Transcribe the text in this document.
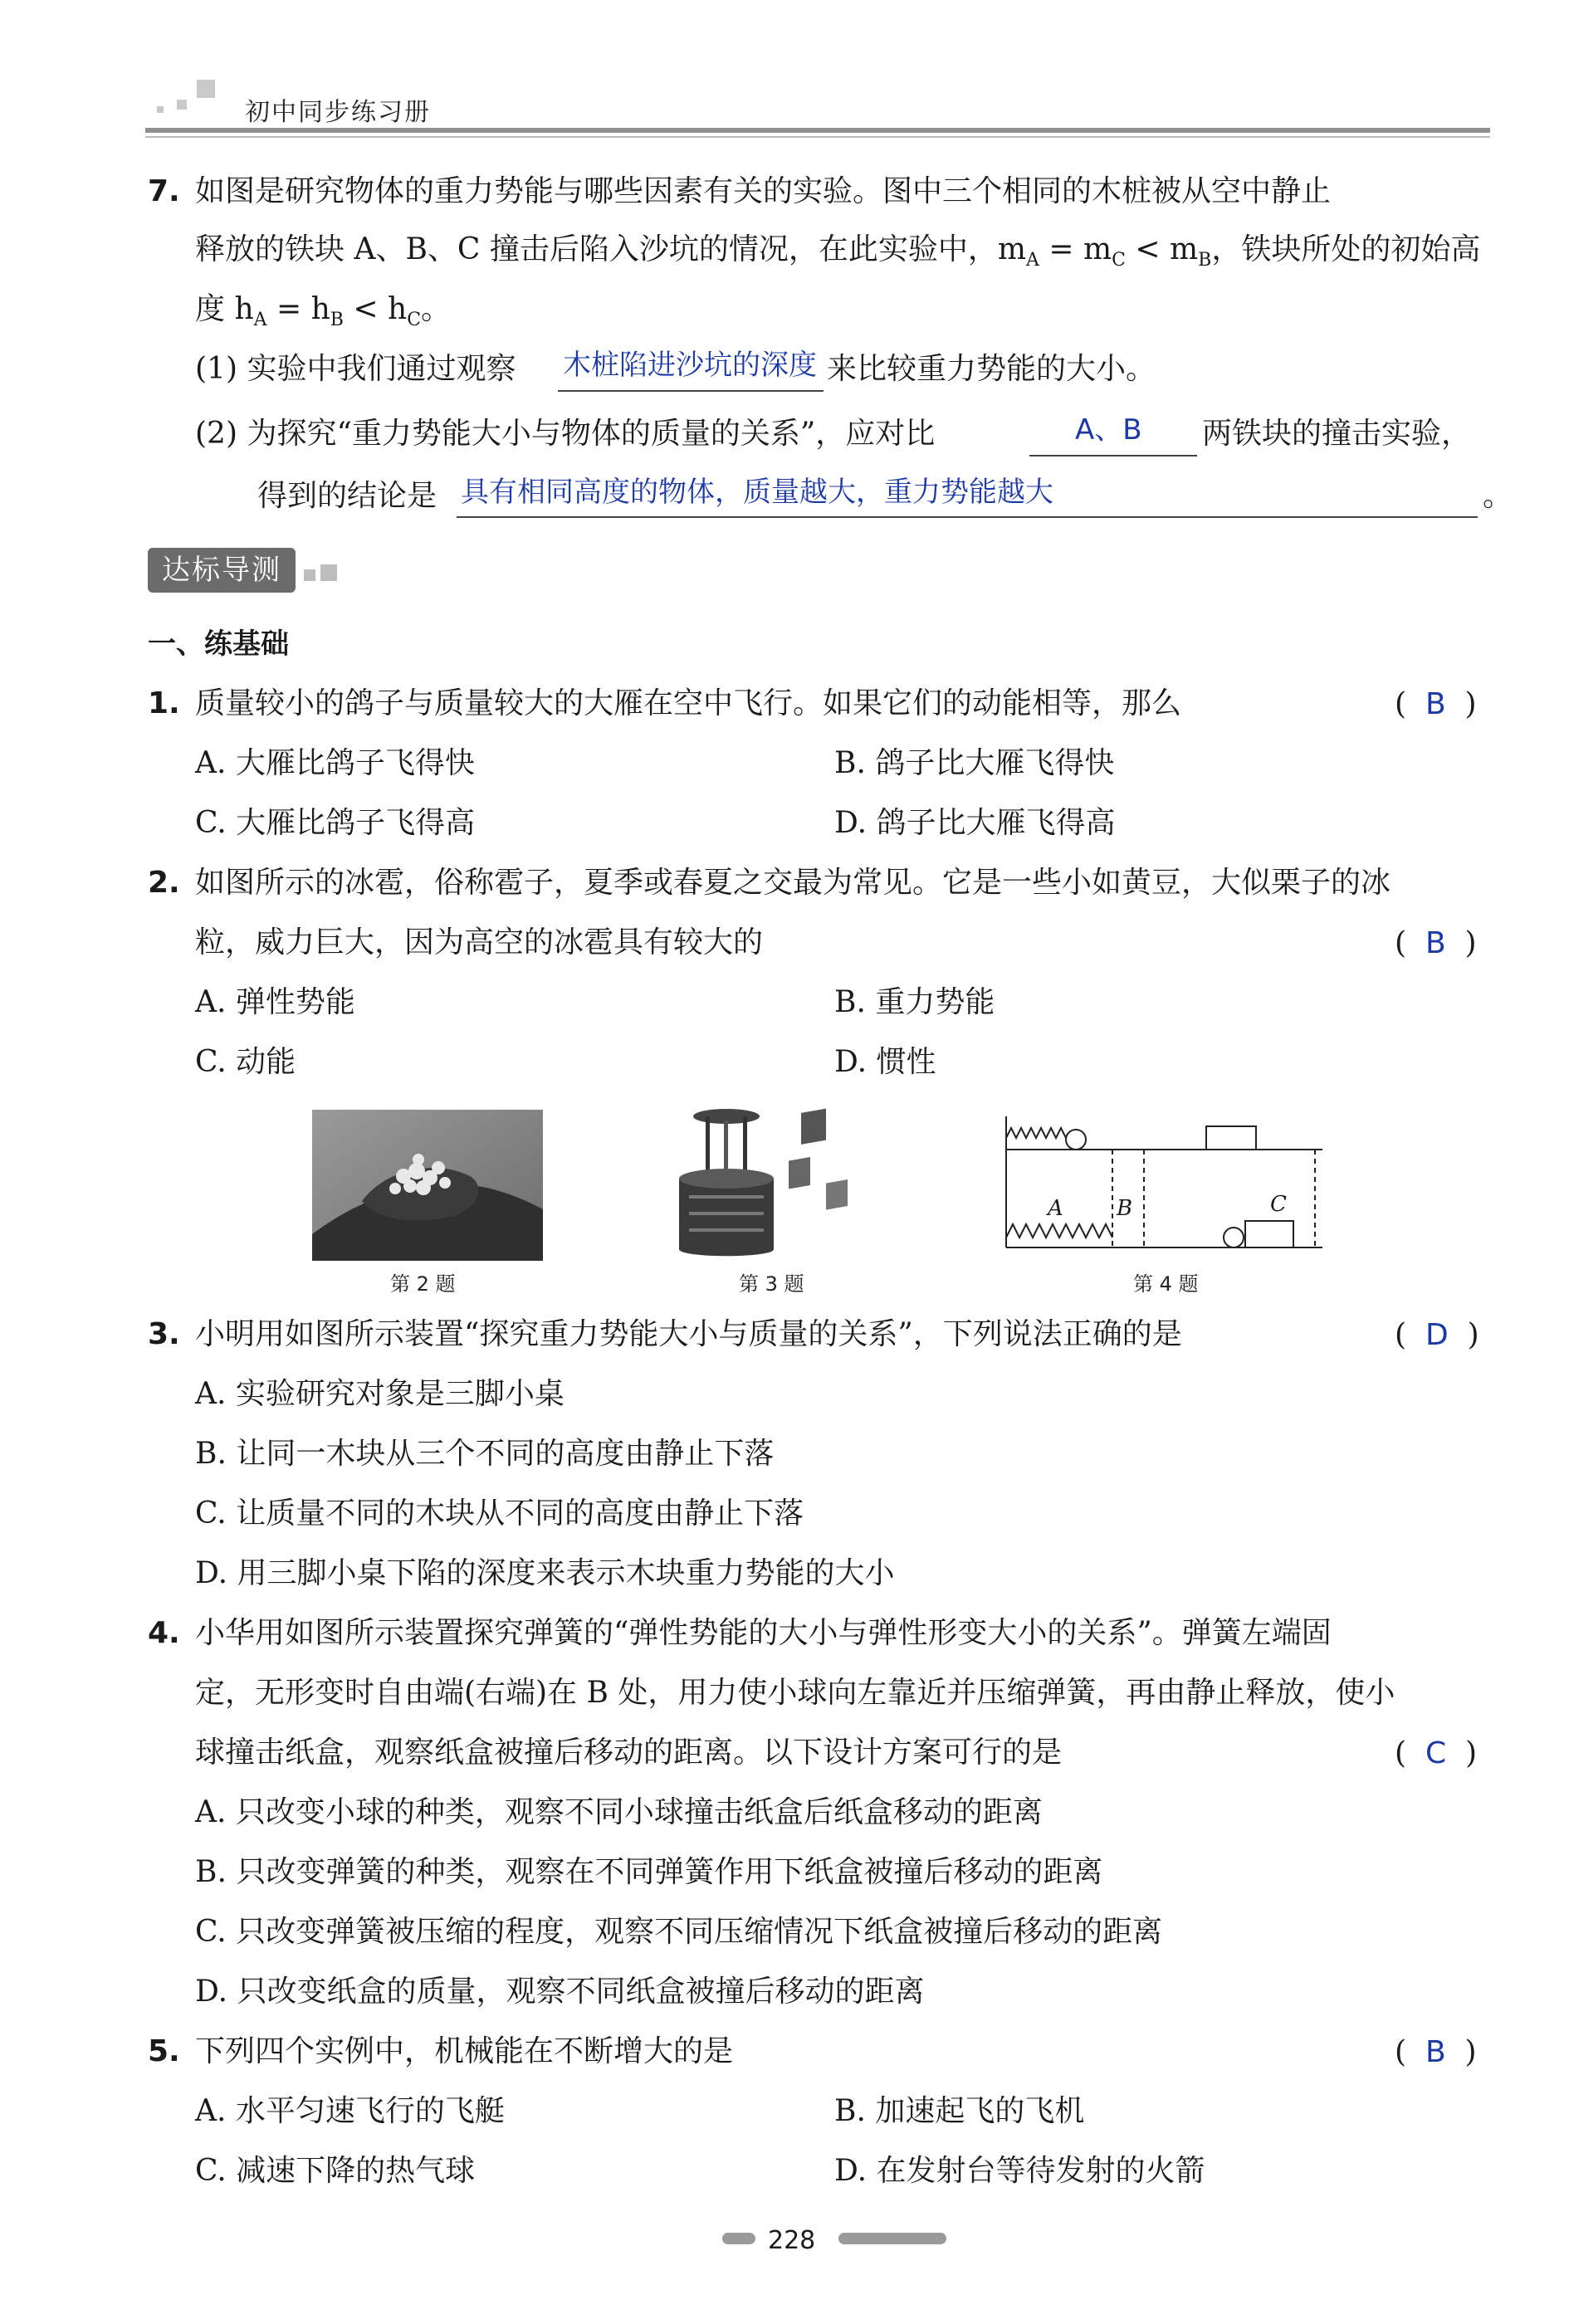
初中同步练习册
7. 如图是研究物体的重力势能与哪些因素有关的实验。图中三个相同的木桩被从空中静止
释放的铁块 A、B、C 撞击后陷入沙坑的情况，在此实验中，$m_A = m_C < m_B$，铁块所处的初始高
度 $h_A = h_B < h_C$。
(1) 实验中我们通过观察 木桩陷进沙坑的深度 来比较重力势能的大小。
(2) 为探究“重力势能大小与物体的质量的关系”，应对比	A、B 两铁块的撞击实验，
得到的结论是 具有相同高度的物体，质量越大，重力势能越大	。
达标导测
一、练基础
1. 质量较小的鸽子与质量较大的大雁在空中飞行。如果它们的动能相等，那么	( B )
A. 大雁比鸽子飞得快	B. 鸽子比大雁飞得快
C. 大雁比鸽子飞得高	D. 鸽子比大雁飞得高
2. 如图所示的冰雹，俗称雹子，夏季或春夏之交最为常见。它是一些小如黄豆，大似栗子的冰
粒，威力巨大，因为高空的冰雹具有较大的	( B )
A. 弹性势能	B. 重力势能
C. 动能	D. 惯性
第 2 题	第 3 题
A B	C
第 4 题
3. 小明用如图所示装置“探究重力势能大小与质量的关系”，下列说法正确的是	( D )
A. 实验研究对象是三脚小桌
B. 让同一木块从三个不同的高度由静止下落
C. 让质量不同的木块从不同的高度由静止下落
D. 用三脚小桌下陷的深度来表示木块重力势能的大小
4. 小华用如图所示装置探究弹簧的“弹性势能的大小与弹性形变大小的关系”。弹簧左端固
定，无形变时自由端(右端)在 B 处，用力使小球向左靠近并压缩弹簧，再由静止释放，使小
球撞击纸盒，观察纸盒被撞后移动的距离。以下设计方案可行的是	( C )
A. 只改变小球的种类，观察不同小球撞击纸盒后纸盒移动的距离
B. 只改变弹簧的种类，观察在不同弹簧作用下纸盒被撞后移动的距离
C. 只改变弹簧被压缩的程度，观察不同压缩情况下纸盒被撞后移动的距离
D. 只改变纸盒的质量，观察不同纸盒被撞后移动的距离
5. 下列四个实例中，机械能在不断增大的是	( B )
A. 水平匀速飞行的飞艇	B. 加速起飞的飞机
C. 减速下降的热气球	D. 在发射台等待发射的火箭
228
